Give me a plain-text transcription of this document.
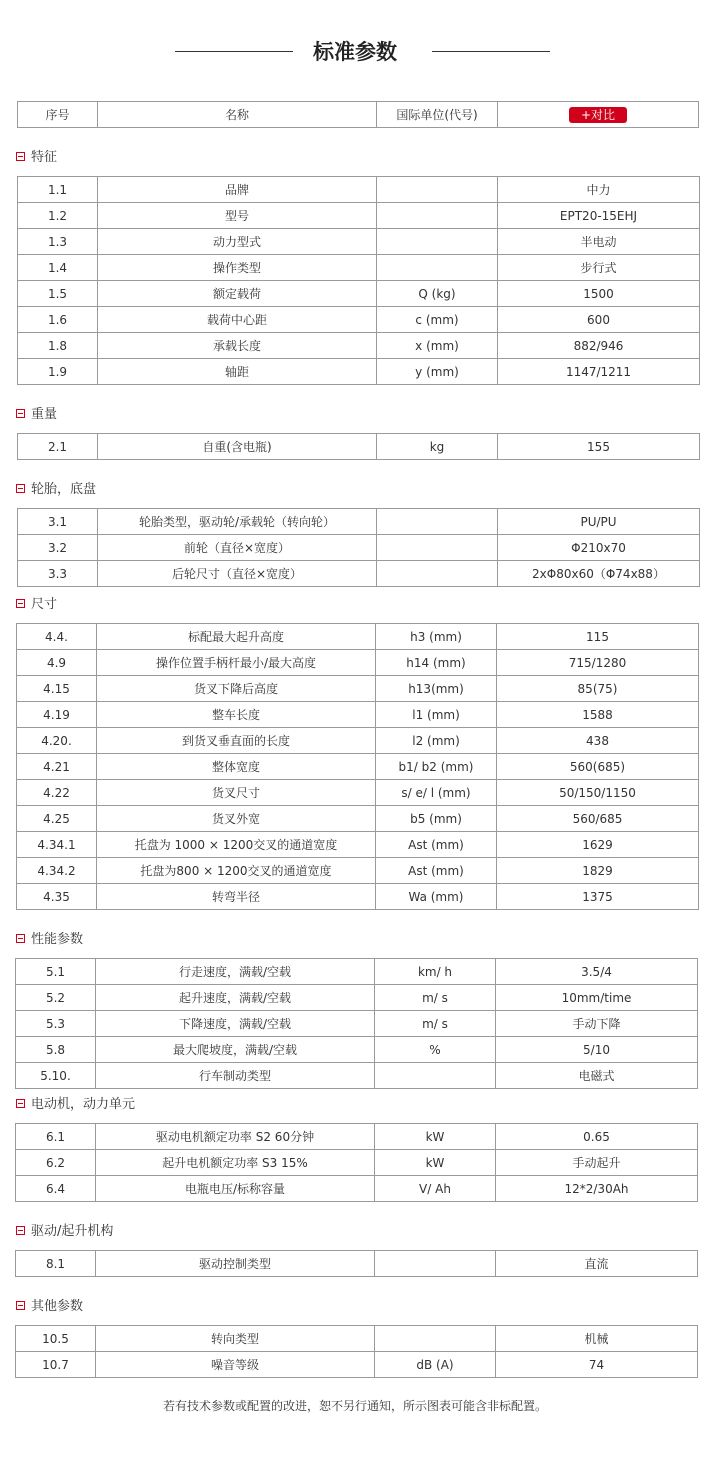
标准参数
序号	名称	国际单位(代号)	+对比
特征
1.1	品牌		中力
1.2	型号		EPT20-15EHJ
1.3	动力型式		半电动
1.4	操作类型		步行式
1.5	额定载荷	Q (kg)	1500
1.6	载荷中心距	c (mm)	600
1.8	承载长度	x (mm)	882/946
1.9	轴距	y (mm)	1147/1211
重量
2.1	自重(含电瓶)	kg	155
轮胎，底盘
3.1	轮胎类型，驱动轮/承载轮（转向轮）		PU/PU
3.2	前轮（直径×宽度）		Φ210x70
3.3	后轮尺寸（直径×宽度）		2xΦ80x60（Φ74x88）
尺寸
4.4.	标配最大起升高度	h3 (mm)	115
4.9	操作位置手柄杆最小/最大高度	h14 (mm)	715/1280
4.15	货叉下降后高度	h13(mm)	85(75)
4.19	整车长度	l1 (mm)	1588
4.20.	到货叉垂直面的长度	l2 (mm)	438
4.21	整体宽度	b1/ b2 (mm)	560(685)
4.22	货叉尺寸	s/ e/ l (mm)	50/150/1150
4.25	货叉外宽	b5 (mm)	560/685
4.34.1	托盘为 1000 × 1200交叉的通道宽度	Ast (mm)	1629
4.34.2	托盘为800 × 1200交叉的通道宽度	Ast (mm)	1829
4.35	转弯半径	Wa (mm)	1375
性能参数
5.1	行走速度，满载/空载	km/ h	3.5/4
5.2	起升速度，满载/空载	m/ s	10mm/time
5.3	下降速度，满载/空载	m/ s	手动下降
5.8	最大爬坡度，满载/空载	%	5/10
5.10.	行车制动类型		电磁式
电动机，动力单元
6.1	驱动电机额定功率 S2 60分钟	kW	0.65
6.2	起升电机额定功率 S3 15%	kW	手动起升
6.4	电瓶电压/标称容量	V/ Ah	12*2/30Ah
驱动/起升机构
8.1	驱动控制类型		直流
其他参数
10.5	转向类型		机械
10.7	噪音等级	dB (A)	74
若有技术参数或配置的改进，恕不另行通知，所示图表可能含非标配置。
